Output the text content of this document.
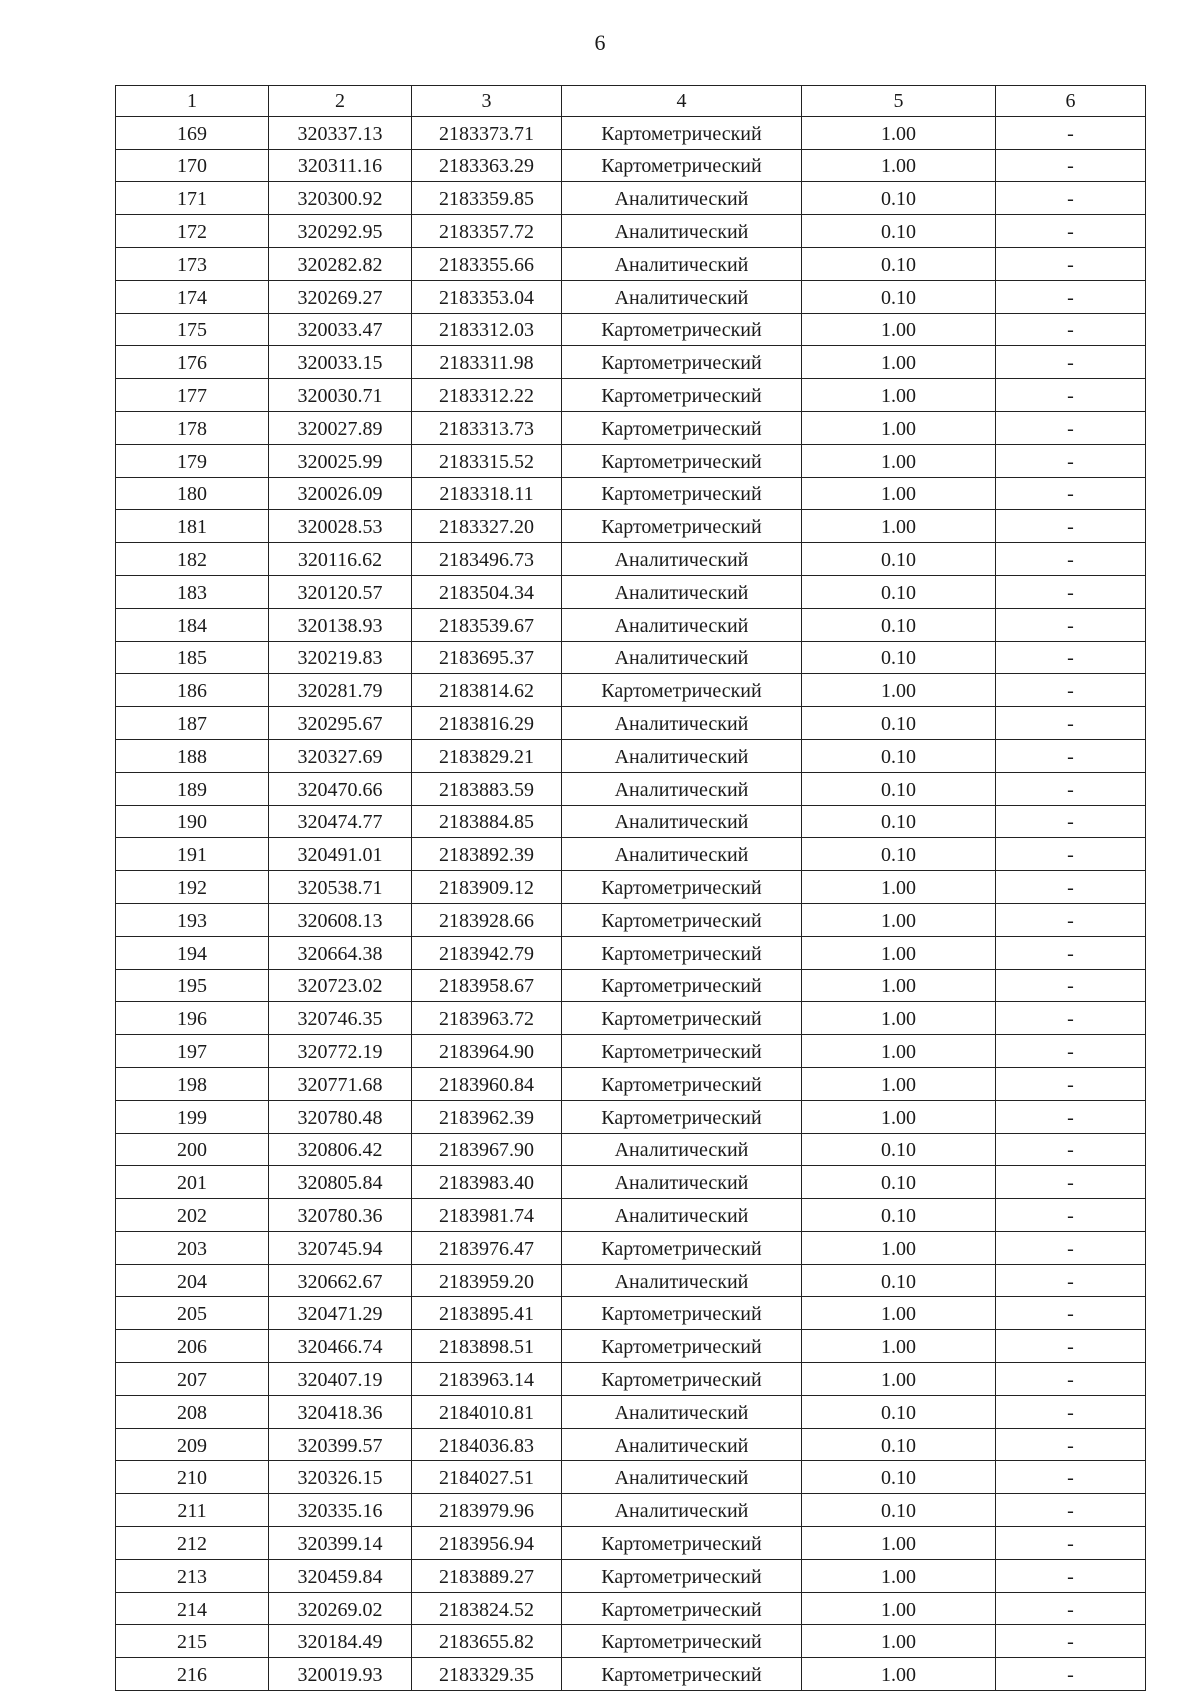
6
1	2	3	4	5	6
169	320337.13	2183373.71	Картометрический	1.00	-
170	320311.16	2183363.29	Картометрический	1.00	-
171	320300.92	2183359.85	Аналитический	0.10	-
172	320292.95	2183357.72	Аналитический	0.10	-
173	320282.82	2183355.66	Аналитический	0.10	-
174	320269.27	2183353.04	Аналитический	0.10	-
175	320033.47	2183312.03	Картометрический	1.00	-
176	320033.15	2183311.98	Картометрический	1.00	-
177	320030.71	2183312.22	Картометрический	1.00	-
178	320027.89	2183313.73	Картометрический	1.00	-
179	320025.99	2183315.52	Картометрический	1.00	-
180	320026.09	2183318.11	Картометрический	1.00	-
181	320028.53	2183327.20	Картометрический	1.00	-
182	320116.62	2183496.73	Аналитический	0.10	-
183	320120.57	2183504.34	Аналитический	0.10	-
184	320138.93	2183539.67	Аналитический	0.10	-
185	320219.83	2183695.37	Аналитический	0.10	-
186	320281.79	2183814.62	Картометрический	1.00	-
187	320295.67	2183816.29	Аналитический	0.10	-
188	320327.69	2183829.21	Аналитический	0.10	-
189	320470.66	2183883.59	Аналитический	0.10	-
190	320474.77	2183884.85	Аналитический	0.10	-
191	320491.01	2183892.39	Аналитический	0.10	-
192	320538.71	2183909.12	Картометрический	1.00	-
193	320608.13	2183928.66	Картометрический	1.00	-
194	320664.38	2183942.79	Картометрический	1.00	-
195	320723.02	2183958.67	Картометрический	1.00	-
196	320746.35	2183963.72	Картометрический	1.00	-
197	320772.19	2183964.90	Картометрический	1.00	-
198	320771.68	2183960.84	Картометрический	1.00	-
199	320780.48	2183962.39	Картометрический	1.00	-
200	320806.42	2183967.90	Аналитический	0.10	-
201	320805.84	2183983.40	Аналитический	0.10	-
202	320780.36	2183981.74	Аналитический	0.10	-
203	320745.94	2183976.47	Картометрический	1.00	-
204	320662.67	2183959.20	Аналитический	0.10	-
205	320471.29	2183895.41	Картометрический	1.00	-
206	320466.74	2183898.51	Картометрический	1.00	-
207	320407.19	2183963.14	Картометрический	1.00	-
208	320418.36	2184010.81	Аналитический	0.10	-
209	320399.57	2184036.83	Аналитический	0.10	-
210	320326.15	2184027.51	Аналитический	0.10	-
211	320335.16	2183979.96	Аналитический	0.10	-
212	320399.14	2183956.94	Картометрический	1.00	-
213	320459.84	2183889.27	Картометрический	1.00	-
214	320269.02	2183824.52	Картометрический	1.00	-
215	320184.49	2183655.82	Картометрический	1.00	-
216	320019.93	2183329.35	Картометрический	1.00	-
